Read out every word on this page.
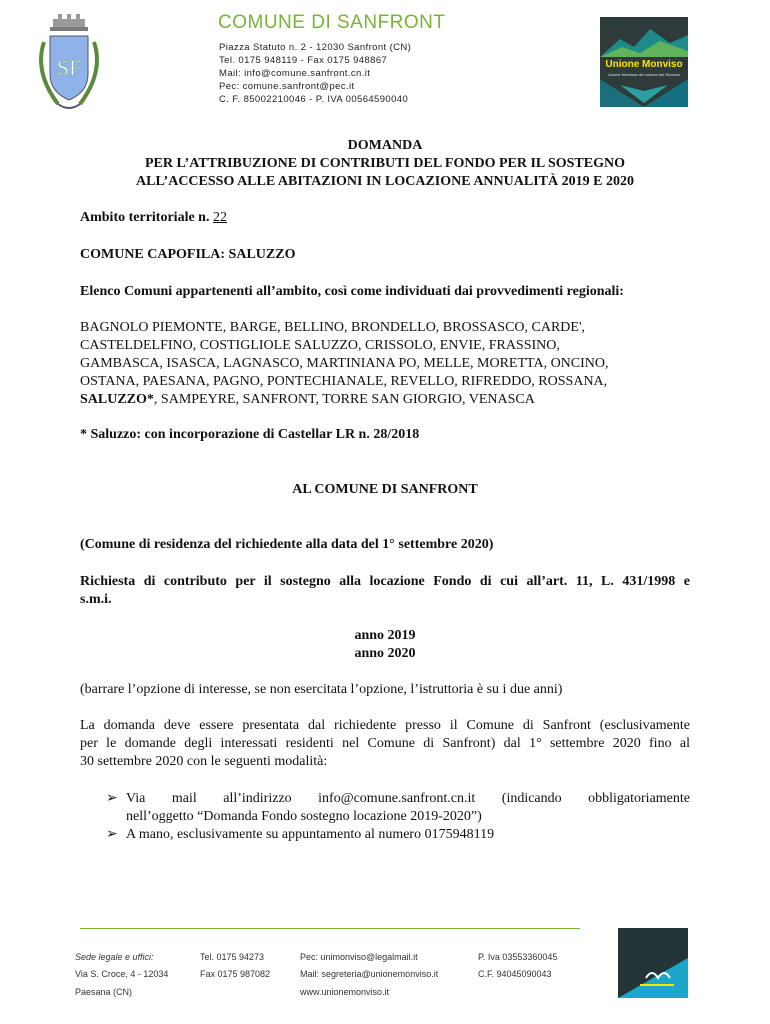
SF
COMUNE DI SANFRONT
Piazza Statuto n. 2 - 12030 Sanfront (CN)
Tel. 0175 948119 - Fax 0175 948867
Mail: info@comune.sanfront.cn.it
Pec: comune.sanfront@pec.it
C. F. 85002210046 - P. IVA 00564590040
Unione Monviso
Unione Montana dei comuni del Monviso
DOMANDA
PER L’ATTRIBUZIONE DI CONTRIBUTI DEL FONDO PER IL SOSTEGNO
ALL’ACCESSO ALLE ABITAZIONI IN LOCAZIONE ANNUALITÀ 2019 E 2020
Ambito territoriale n. 22
COMUNE CAPOFILA: SALUZZO
Elenco Comuni appartenenti all’ambito, così come individuati dai provvedimenti regionali:
BAGNOLO PIEMONTE, BARGE, BELLINO, BRONDELLO, BROSSASCO, CARDE',
CASTELDELFINO, COSTIGLIOLE SALUZZO, CRISSOLO, ENVIE, FRASSINO,
GAMBASCA, ISASCA, LAGNASCO, MARTINIANA PO, MELLE, MORETTA, ONCINO,
OSTANA, PAESANA, PAGNO, PONTECHIANALE, REVELLO, RIFREDDO, ROSSANA,
SALUZZO*, SAMPEYRE, SANFRONT, TORRE SAN GIORGIO, VENASCA
* Saluzzo: con incorporazione di Castellar LR n. 28/2018
AL COMUNE DI SANFRONT
(Comune di residenza del richiedente alla data del 1° settembre 2020)
Richiesta di contributo per il sostegno alla locazione Fondo di cui all’art. 11, L. 431/1998 e
s.m.i.
anno 2019
anno 2020
(barrare l’opzione di interesse, se non esercitata l’opzione, l’istruttoria è su i due anni)
La domanda deve essere presentata dal richiedente presso il Comune di Sanfront (esclusivamente
per le domande degli interessati residenti nel Comune di Sanfront) dal 1° settembre 2020 fino al
30 settembre 2020 con le seguenti modalità:
➢ Via mail all’indirizzo info@comune.sanfront.cn.it (indicando obbligatoriamente
nell’oggetto “Domanda Fondo sostegno locazione 2019-2020”)
➢ A mano, esclusivamente su appuntamento al numero 0175948119
Sede legale e uffici:
Via S. Croce, 4 - 12034
Paesana (CN)
Tel. 0175 94273
Fax 0175 987082
Pec: unimonviso@legalmail.it
Mail: segreteria@unionemonviso.it
www.unionemonviso.it
P. Iva 03553360045
C.F. 94045090043
